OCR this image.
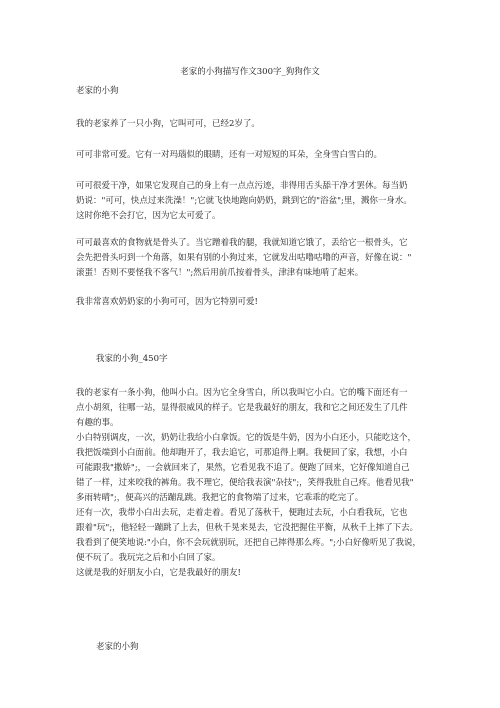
老家的小狗描写作文300字_狗狗作文

老家的小狗

我的老家养了一只小狗，它叫可可，已经2岁了。

可可非常可爱。它有一对玛瑙似的眼睛，还有一对短短的耳朵，全身雪白雪白的。

可可很爱干净，如果它发现自己的身上有一点点污迹，非得用舌头舔干净才罢休。每当奶
奶说："可可，快点过来洗澡！";它就飞快地跑向奶奶，跳到它的"浴盆";里，溅你一身水。
这时你绝不会打它，因为它太可爱了。
可可最喜欢的食物就是骨头了。当它蹭着我的腿，我就知道它饿了，丢给它一根骨头，它
会先把骨头叼到一个角落，如果有别的小狗过来，它就发出咕噜咕噜的声音，好像在说："
滚蛋！否则不要怪我不客气！";然后用前爪按着骨头，津津有味地啃了起来。

我非常喜欢奶奶家的小狗可可，因为它特别可爱!

我家的小狗_450字

我的老家有一条小狗，他叫小白。因为它全身雪白，所以我叫它小白。它的嘴下面还有一
点小胡须，往哪一站，显得很威风的样子。它是我最好的朋友，我和它之间还发生了几件
有趣的事。
小白特别调皮，一次，奶奶让我给小白拿饭。它的饭是牛奶，因为小白还小，只能吃这个，
我把饭端到小白面前。他却跑开了，我去追它，可那追得上啊。我便回了家，我想，小白
可能跟我"撒娇";，一会就回来了，果然，它看见我不追了。便跑了回来，它好像知道自己
错了一样，过来咬我的裤角。我不理它，便给我表演"杂技";，笑得我肚自己疼。他看见我"
多雨转晴";，便高兴的活蹦乱跳。我把它的食物端了过来，它乖乖的吃完了。
还有一次，我带小白出去玩，走着走着。看见了荡秋千，便跑过去玩，小白看我玩，它也
跟着"玩";，他轻轻一蹦跳了上去，但秋千晃来晃去，它没把握住平衡，从秋千上摔了下去。
我看到了便笑地说:"小白，你不会玩就别玩，还把自己摔得那么疼。";小白好像听见了我说，
便不玩了。我玩完之后和小白回了家。
这就是我的好朋友小白，它是我最好的朋友!

老家的小狗
